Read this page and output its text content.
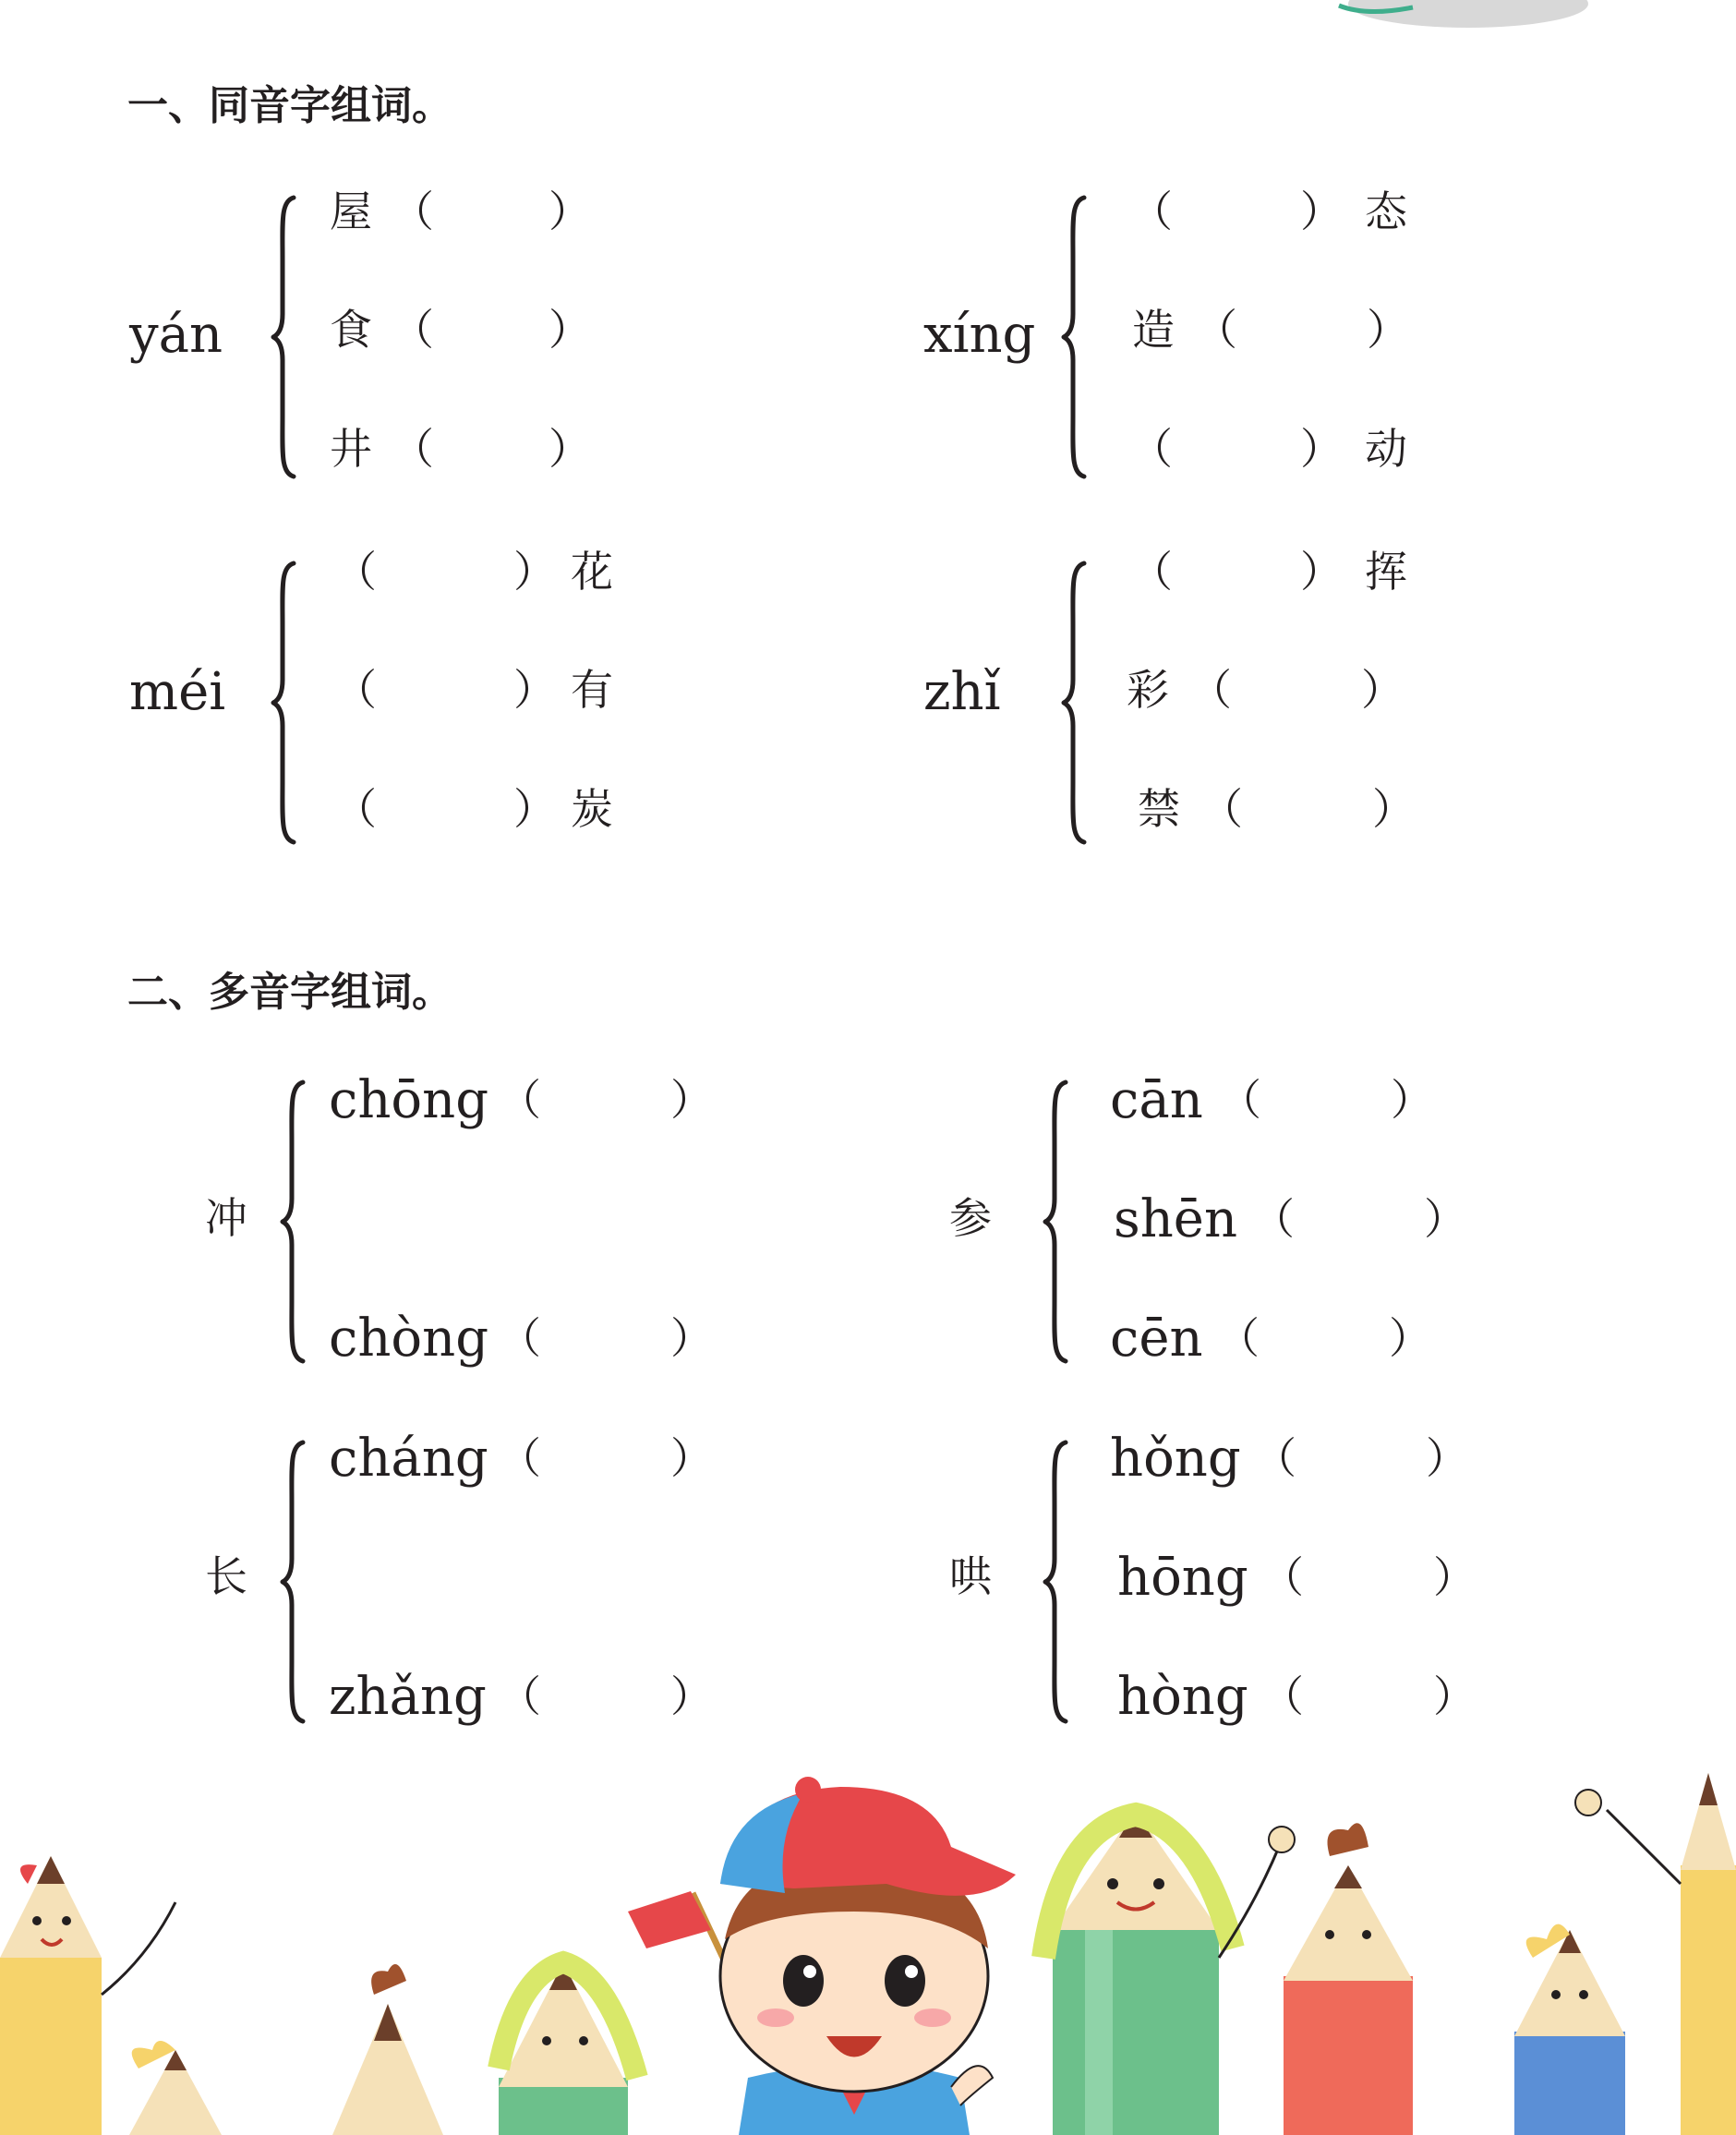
一、同音字组词。
yán
屋 （	）
食 （	）
井 （	）
xíng
（	） 态
造 （	）
（	） 动
méi
（	） 花
（	） 有
（	） 炭
zhǐ
（	） 挥
彩 （	）
禁 （	）
二、多音字组词。
冲
chōng （	）
chòng （	）
参
cān （	）
shēn （	）
cēn （	）
长
cháng （	）
zhǎng （	）
哄
hǒng （	）
hōng （	）
hòng （	）
